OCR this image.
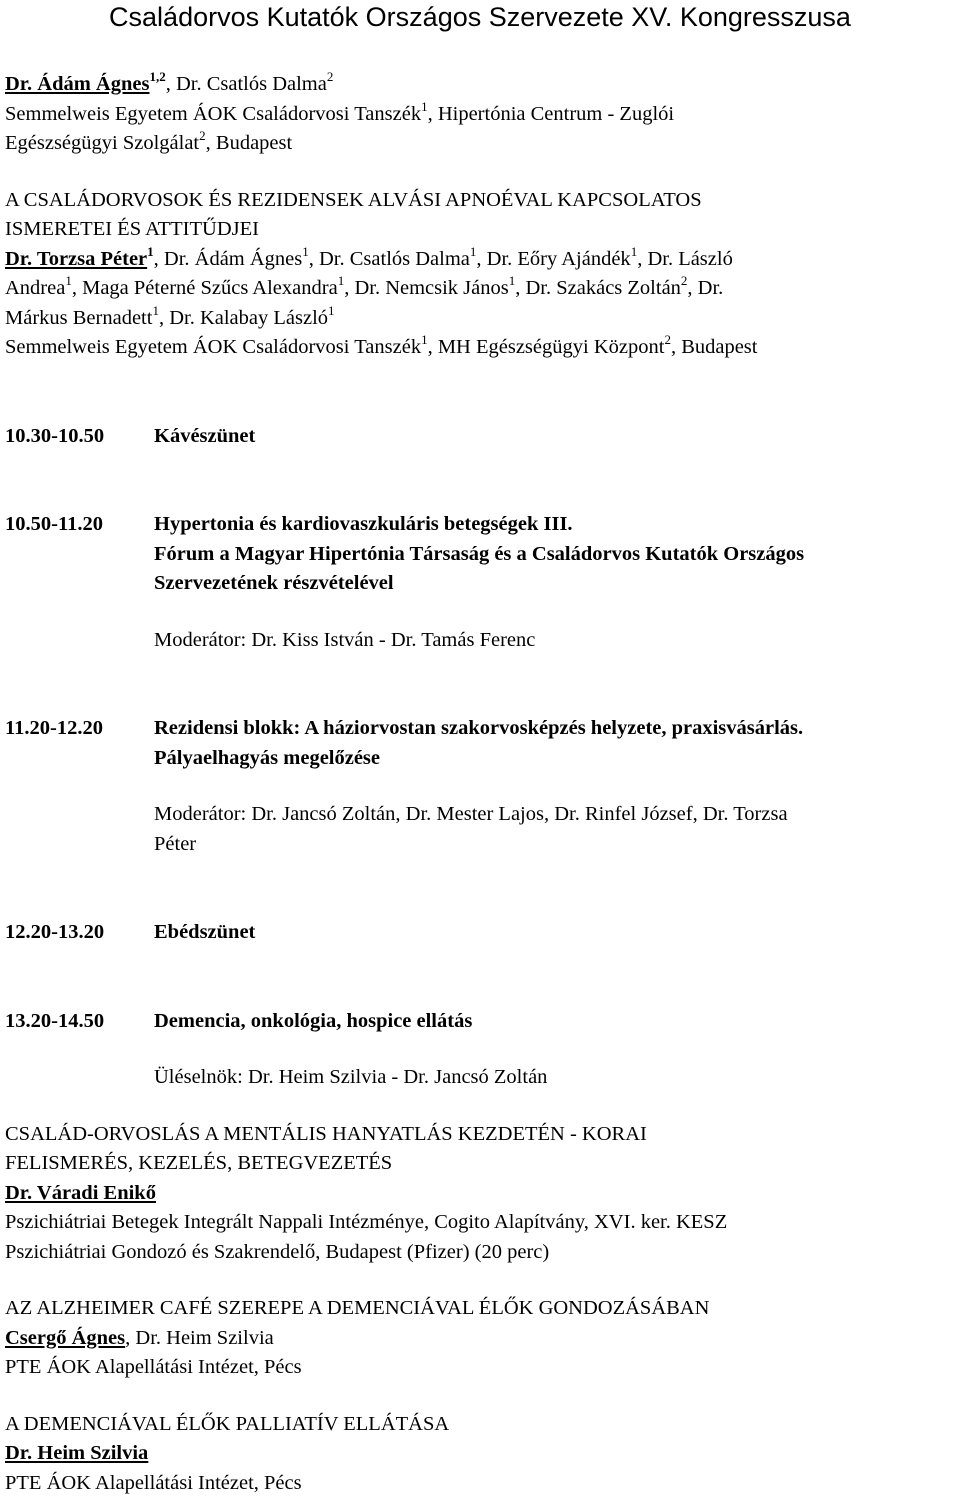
Családorvos Kutatók Országos Szervezete XV. Kongresszusa
Dr. Ádám Ágnes$^{1,2}$, Dr. Csatlós Dalma$^2$
Semmelweis Egyetem ÁOK Családorvosi Tanszék$^1$, Hipertónia Centrum - Zuglói
Egészségügyi Szolgálat$^2$, Budapest
A CSALÁDORVOSOK ÉS REZIDENSEK ALVÁSI APNOÉVAL KAPCSOLATOS
ISMERETEI ÉS ATTITŰDJEI
Dr. Torzsa Péter$^1$, Dr. Ádám Ágnes$^1$, Dr. Csatlós Dalma$^1$, Dr. Eőry Ajándék$^1$, Dr. László
Andrea$^1$, Maga Péterné Szűcs Alexandra$^1$, Dr. Nemcsik János$^1$, Dr. Szakács Zoltán$^2$, Dr.
Márkus Bernadett$^1$, Dr. Kalabay László$^1$
Semmelweis Egyetem ÁOK Családorvosi Tanszék$^1$, MH Egészségügyi Központ$^2$, Budapest
10.30-10.50	Kávészünet
10.50-11.20	Hypertonia és kardiovaszkuláris betegségek III.
Fórum a Magyar Hipertónia Társaság és a Családorvos Kutatók Országos
Szervezetének részvételével
Moderátor: Dr. Kiss István - Dr. Tamás Ferenc
11.20-12.20	Rezidensi blokk: A háziorvostan szakorvosképzés helyzete, praxisvásárlás.
Pályaelhagyás megelőzése
Moderátor: Dr. Jancsó Zoltán, Dr. Mester Lajos, Dr. Rinfel József, Dr. Torzsa
Péter
12.20-13.20	Ebédszünet
13.20-14.50	Demencia, onkológia, hospice ellátás
Üléselnök: Dr. Heim Szilvia - Dr. Jancsó Zoltán
CSALÁD-ORVOSLÁS A MENTÁLIS HANYATLÁS KEZDETÉN - KORAI
FELISMERÉS, KEZELÉS, BETEGVEZETÉS
Dr. Váradi Enikő
Pszichiátriai Betegek Integrált Nappali Intézménye, Cogito Alapítvány, XVI. ker. KESZ
Pszichiátriai Gondozó és Szakrendelő, Budapest (Pfizer) (20 perc)
AZ ALZHEIMER CAFÉ SZEREPE A DEMENCIÁVAL ÉLŐK GONDOZÁSÁBAN
Csergő Ágnes, Dr. Heim Szilvia
PTE ÁOK Alapellátási Intézet, Pécs
A DEMENCIÁVAL ÉLŐK PALLIATÍV ELLÁTÁSA
Dr. Heim Szilvia
PTE ÁOK Alapellátási Intézet, Pécs
